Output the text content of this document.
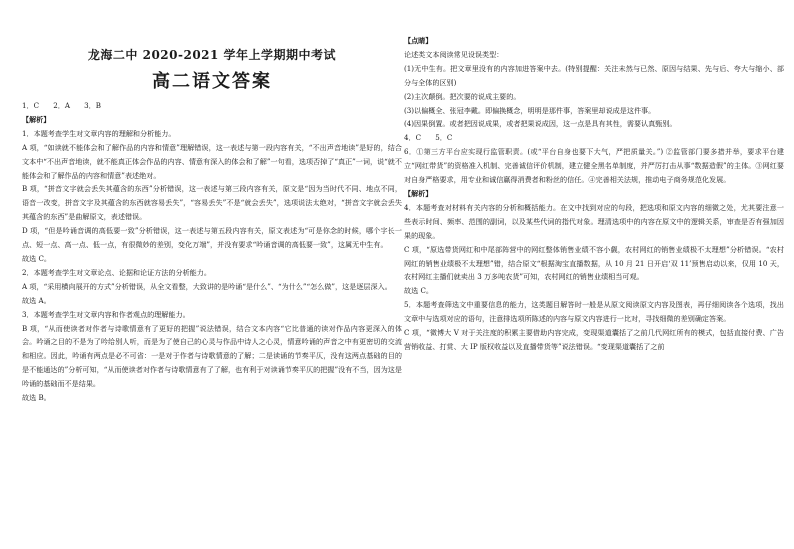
龙海二中 2020-2021 学年上学期期中考试
高二语文答案

1．C　　2．A　　3．B

【解析】

1．本题考查学生对文章内容的理解和分析能力。

A 项，“如读就不能体会和了解作品的内容和情意”理解错误，这一表述与第一段内容有关，“不出声音地读”是好的，结合文本中“不出声音地读，就不能真正体会作品的内容、情意有深入的体会和了解”一句看，选项否掉了“真正”一词，说“就不能体会和了解作品的内容和情意”表述绝对。

B 项，“拼音文字就会丢失其蕴含的东西”分析错误，这一表述与第三段内容有关，原文是“因为当时代不同、地点不同，语音一改变，拼音文字及其蕴含的东西就容易丢失”，“容易丢失”不是“就会丢失”，选项说法太绝对，“拼音文字就会丢失其蕴含的东西”是曲解原文，表述错误。

D 项，“但是吟诵音调的高低要一致”分析错误，这一表述与第五段内容有关，原文表述为“可是你念的时候，哪个字长一点、短一点、高一点、低一点，有很微妙的差别，变化万端”，并没有要求“吟诵音调的高低要一致”，这属无中生有。

故选 C。

2．本题考查学生对文章论点、论据和论证方法的分析能力。

A 项，“采用横向展开的方式”分析错误，从全文看整，大致讲的是吟诵“是什么”、“为什么”“怎么做”，这是逐层深入。

故选 A。

3．本题考查学生对文章内容和作者观点的理解能力。

B 项，“从而使读者对作者与诗歌情意有了更好的把握”说法错误，结合文本内容“它比普通的读对作品内容更深入的体会。吟诵之目的不是为了吟给别人听，而是为了使自己的心灵与作品中诗人之心灵，情意吟诵的声音之中有更密切的交流和相应。因此，吟诵有两点是必不可省：一是对于作者与诗歌情意的了解；二是读诵的节奏平仄，没有这两点基础的目的是不能通达的”分析可知，“从而使读者对作者与诗歌情意有了了解，也有利于对读诵节奏平仄的把握”没有不当，因为这是吟诵的基础而不是结果。

故选 B。

【点睛】

论述类文本阅读常见设误类型：

(1)无中生有。把文章里没有的内容加进答案中去。(特别提醒：关注未然与已然、原因与结果、先与后、夸大与缩小、部分与全体的区别)

(2)主次颠倒。把次要的说成主要的。

(3)以偏概全、张冠李戴。即偏换概念，明明是那件事，答案里却说成是这件事。

(4)因果倒置。或者把因说成果，或者把果说成因，这一点是具有其性，需要认真甄别。

4．C　　5．C

6．①第三方平台应实现行监管职责。(或“平台自身也要下大气，严把质量关。”) ②监管部门要多措并举，要求平台建立“网红带货”的资格准入机制、完善诚信评价机制，建立健全黑名单制度，并严厉打击从事“数据造假”的主体。③网红要对自身严格要求，用专业和诚信赢得消费者和粉丝的信任。④完善相关法规，推动电子商务规范化发展。

【解析】

4．本题考查对材料有关内容的分析和概括能力。在文中找到对应的句段，把选项和原文内容的细微之处，尤其要注意一些表示时间、频率、范围的副词，以及某些代词的指代对象。理清选项中的内容在原文中的逻辑关系，审查是否有强加因果的现象。

C 项，“原选带货网红和中尾部阵营中的网红整体销售业绩不容小觑，农村网红的销售业绩极不太理想”分析错误。“农村网红的销售业绩极不太理想”错，结合原文“根据淘宝直播数据，从 10 月 21 日开启‘双 11’预售启动以来，仅用 10 天，农村网红主播们就卖出 3 万多吨农货”可知，农村网红的销售业绩相当可观。

故选 C。

5．本题考查筛选文中重要信息的能力，这类题目解答时一般是从原文阅读原文内容及图表，再仔细阅读各个选项，找出文章中与选项对应的语句，注意排选项所陈述的内容与原文内容进行一比对，寻找细微的差别确定答案。

C 项，“微博大 V 对于关注度的积累主要借助内容完成，变现渠道囊括了之前几代网红所有的模式，包括直接付费、广告营销收益、打赏、大 IP 版权收益以及直播带货等”说法错误。“变现渠道囊括了之前
